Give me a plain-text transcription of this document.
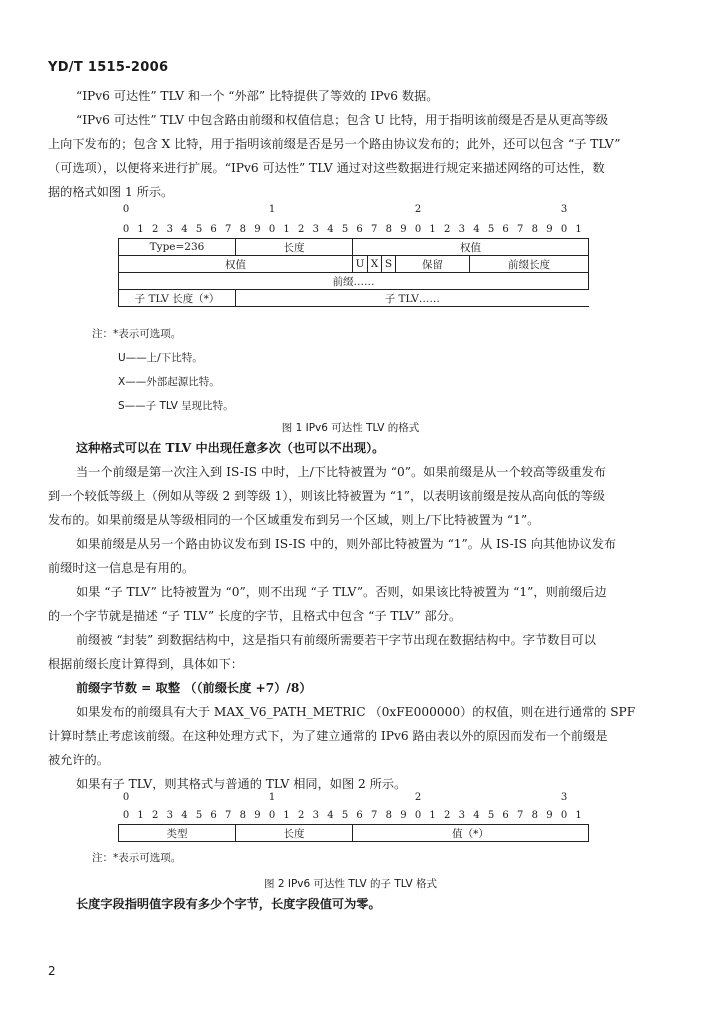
YD/T 1515-2006
“IPv6 可达性” TLV 和一个 “外部” 比特提供了等效的 IPv6 数据。
“IPv6 可达性” TLV 中包含路由前缀和权值信息；包含 U 比特，用于指明该前缀是否是从更高等级
上向下发布的；包含 X 比特，用于指明该前缀是否是另一个路由协议发布的；此外，还可以包含 “子 TLV”
（可选项），以便将来进行扩展。“IPv6 可达性” TLV 通过对这些数据进行规定来描述网络的可达性，数
据的格式如图 1 所示。
0	1	2	3
0 1 2 3 4 5 6 7 8 9 0 1 2 3 4 5 6 7 8 9 0 1 2 3 4 5 6 7 8 9 0 1
Type=236	长度	权值				
权值		U	X	S	保留	前缀长度
前缀……						
子 TLV 长度（*）	子 TLV……					
注：*表示可选项。
U——上/下比特。
X——外部起源比特。
S——子 TLV 呈现比特。
图 1 IPv6 可达性 TLV 的格式
这种格式可以在 TLV 中出现任意多次（也可以不出现）。
当一个前缀是第一次注入到 IS-IS 中时，上/下比特被置为 “0”。如果前缀是从一个较高等级重发布
到一个较低等级上（例如从等级 2 到等级 1），则该比特被置为 “1”，以表明该前缀是按从高向低的等级
发布的。如果前缀是从等级相同的一个区域重发布到另一个区域，则上/下比特被置为 “1”。
如果前缀是从另一个路由协议发布到 IS-IS 中的，则外部比特被置为 “1”。从 IS-IS 向其他协议发布
前缀时这一信息是有用的。
如果 “子 TLV” 比特被置为 “0”，则不出现 “子 TLV”。否则，如果该比特被置为 “1”，则前缀后边
的一个字节就是描述 “子 TLV” 长度的字节，且格式中包含 “子 TLV” 部分。
前缀被 “封装” 到数据结构中，这是指只有前缀所需要若干字节出现在数据结构中。字节数目可以
根据前缀长度计算得到，具体如下：
前缀字节数 = 取整 （（前缀长度 +7）/8）
如果发布的前缀具有大于 MAX_V6_PATH_METRIC （0xFE000000）的权值，则在进行通常的 SPF
计算时禁止考虑该前缀。在这种处理方式下，为了建立通常的 IPv6 路由表以外的原因而发布一个前缀是
被允许的。
如果有子 TLV，则其格式与普通的 TLV 相同，如图 2 所示。
0	1	2	3
0 1 2 3 4 5 6 7 8 9 0 1 2 3 4 5 6 7 8 9 0 1 2 3 4 5 6 7 8 9 0 1
类型	长度	值（*）
注：*表示可选项。
图 2 IPv6 可达性 TLV 的子 TLV 格式
长度字段指明值字段有多少个字节，长度字段值可为零。
2
